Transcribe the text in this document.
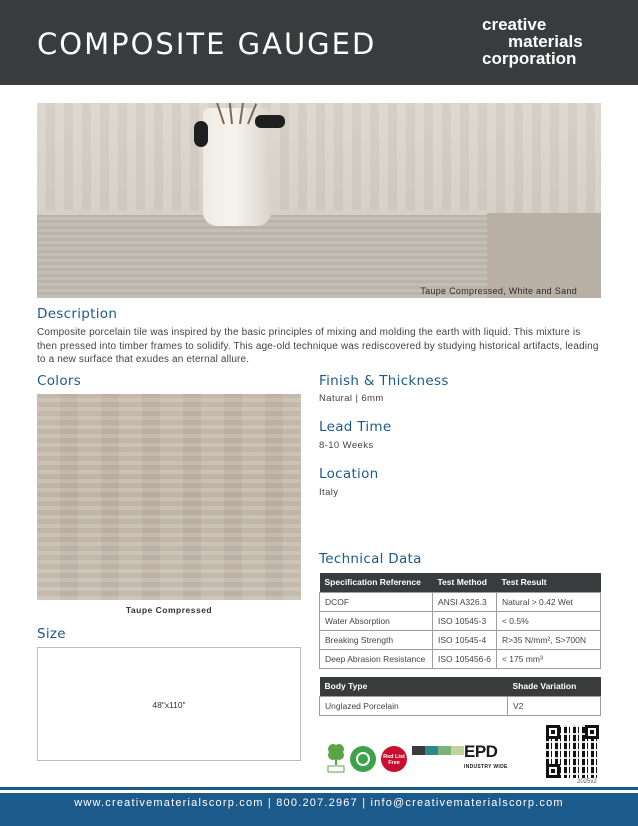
COMPOSITE GAUGED
creative
materials
corporation
Taupe Compressed, White and Sand
Description
Composite porcelain tile was inspired by the basic principles of mixing and molding the earth with liquid. This mixture is then pressed into timber frames to solidify. This age-old technique was rediscovered by studying historical artifacts, leading to a new surface that exudes an eternal allure.
Colors
Taupe Compressed
Size
48"x110"
Finish & Thickness
Natural | 6mm
Lead Time
8-10 Weeks
Location
Italy
Technical Data
Specification Reference	Test Method	Test Result
DCOF	ANSI A326.3	Natural > 0.42 Wet
Water Absorption	ISO 10545-3	< 0.5%
Breaking Strength	ISO 10545-4	R>35 N/mm², S>700N
Deep Abrasion Resistance	ISO 105456-6	< 175 mm³
Body Type	Shade Variation
Unglazed Porcelain	V2
Red List Free
EPD
INDUSTRY WIDE
2025v2
www.creativematerialscorp.com | 800.207.2967 | info@creativematerialscorp.com
